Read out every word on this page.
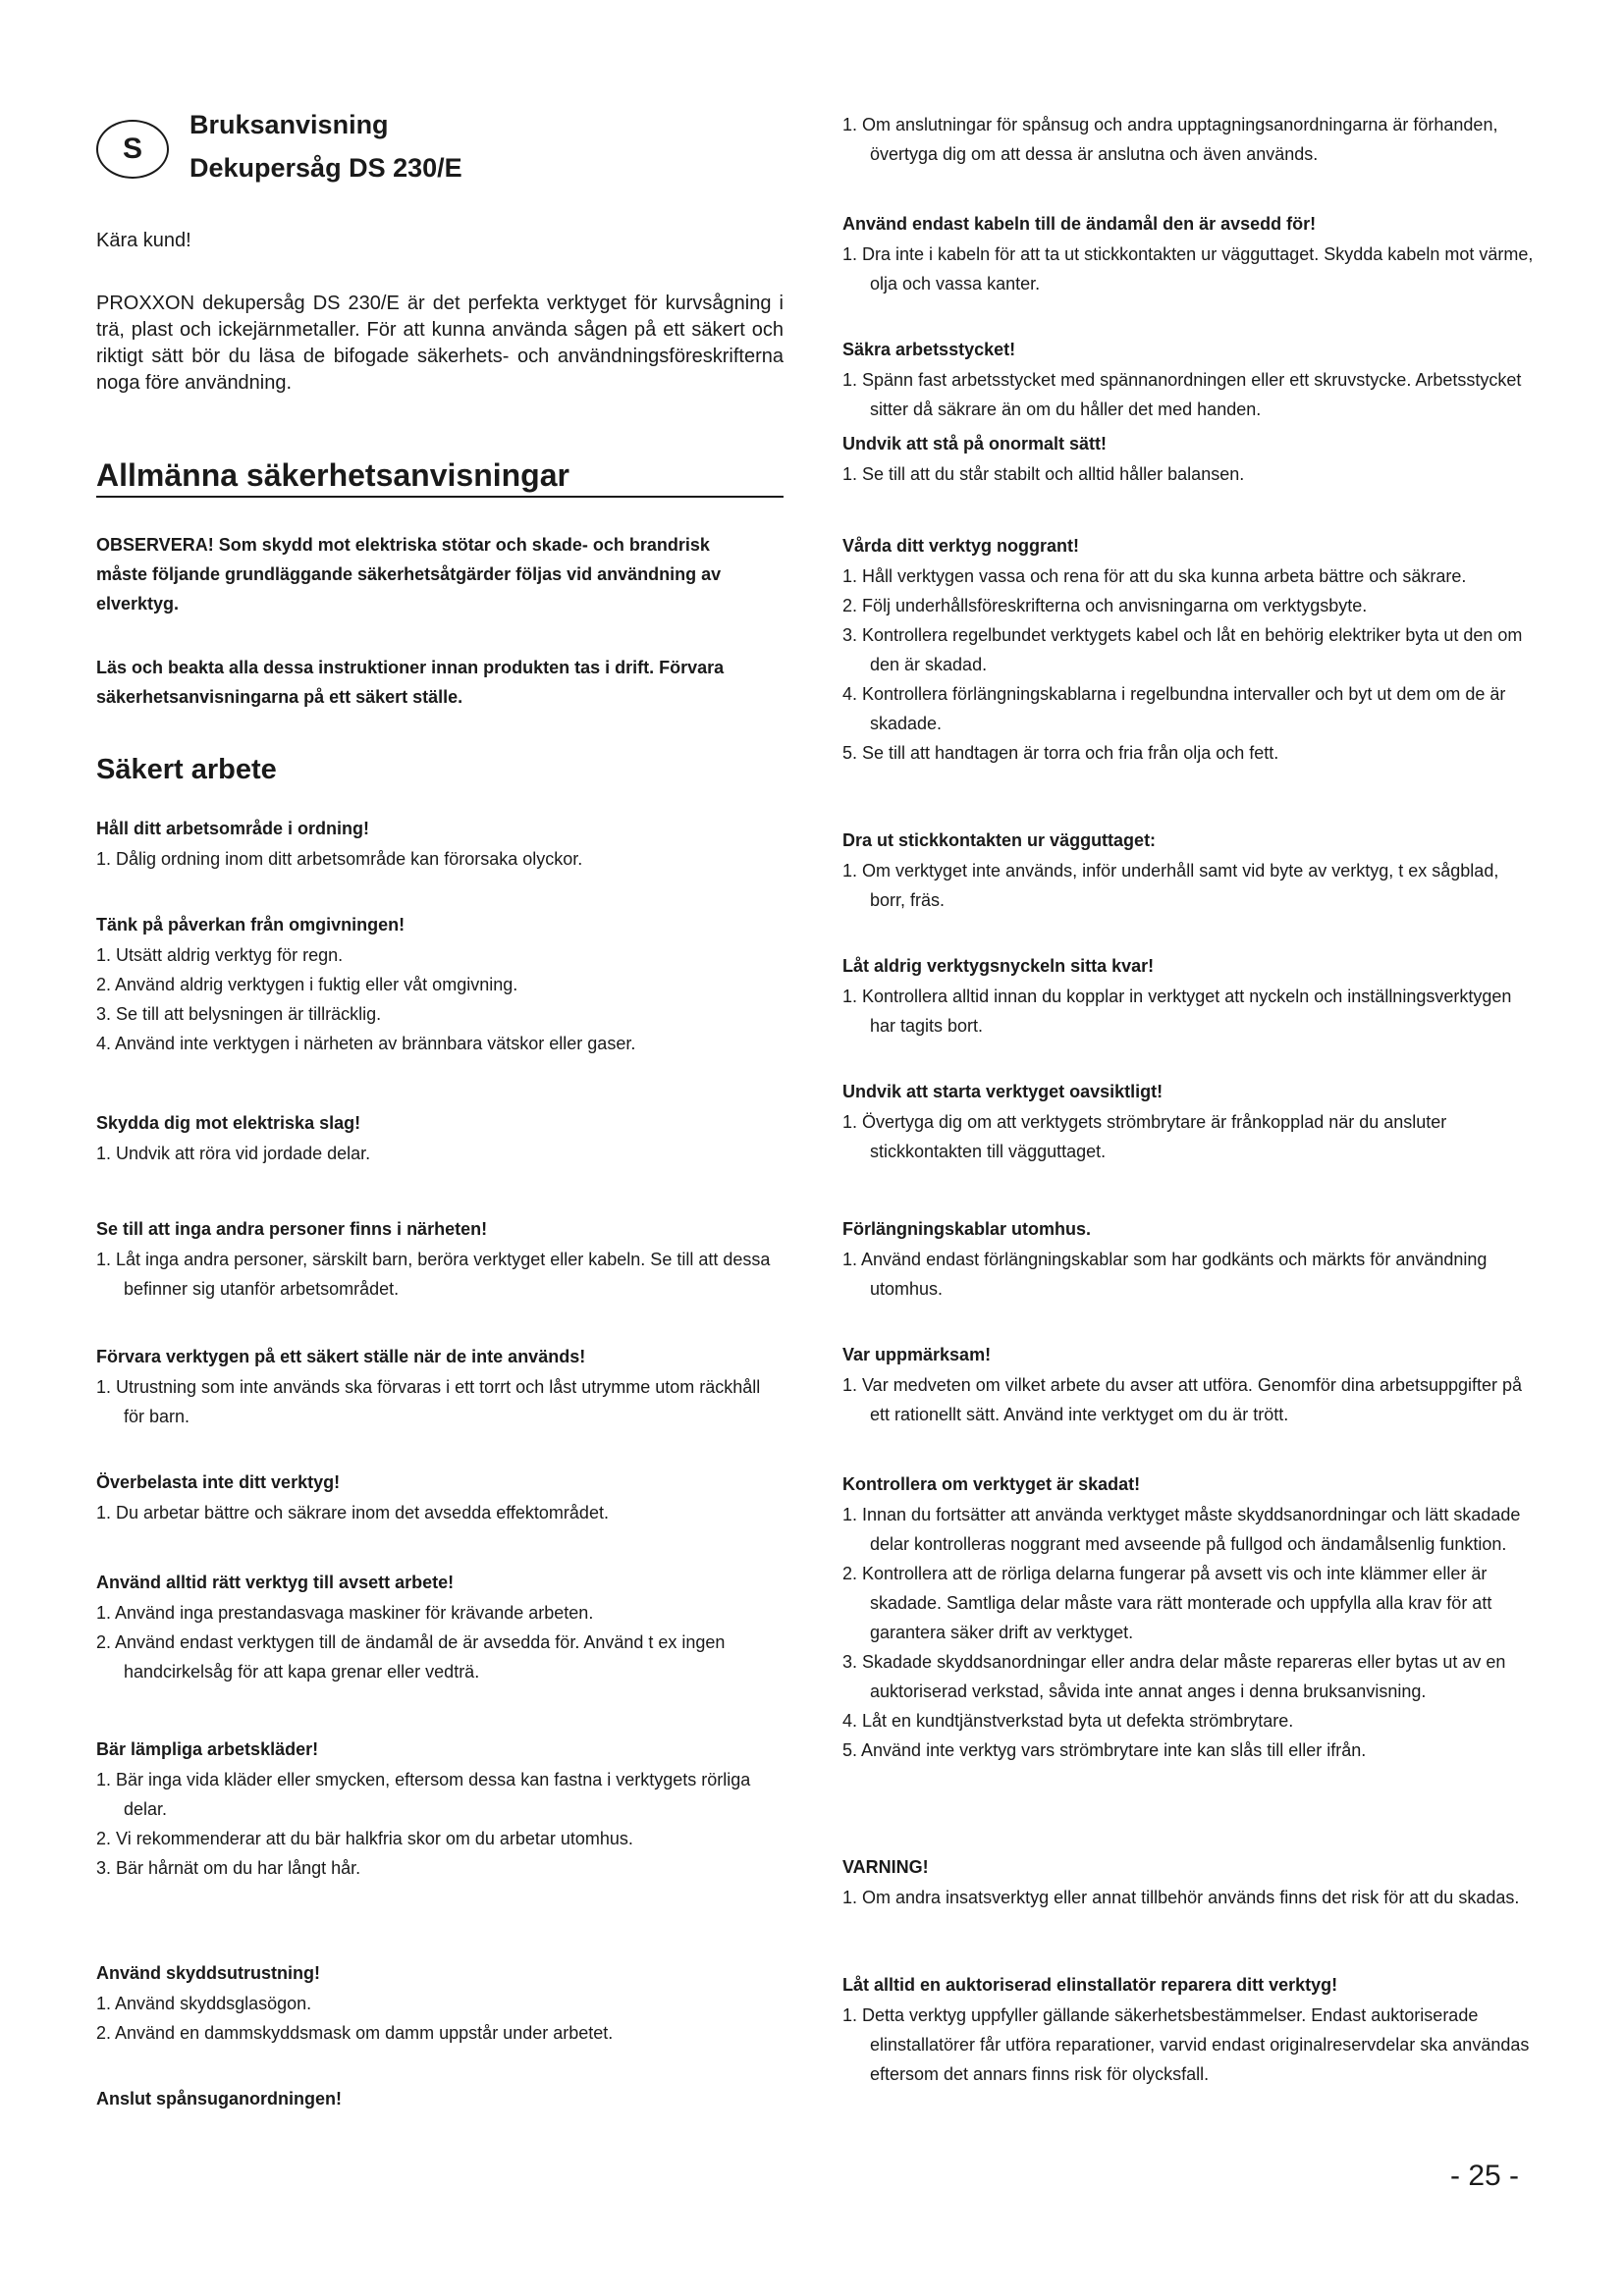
S
Bruksanvisning
Dekupersåg DS 230/E
Kära kund!
PROXXON dekupersåg DS 230/E är det perfekta verktyget för kurvsågning i trä, plast och ickejärnmetaller. För att kunna använda sågen på ett säkert och riktigt sätt bör du läsa de bifogade säkerhets- och användningsföreskrifterna noga före användning.
Allmänna säkerhetsanvisningar
OBSERVERA! Som skydd mot elektriska stötar och skade- och brandrisk måste följande grundläggande säkerhetsåtgärder följas vid användning av elverktyg.
Läs och beakta alla dessa instruktioner innan produkten tas i drift. Förvara säkerhetsanvisningarna på ett säkert ställe.
Säkert arbete
Håll ditt arbetsområde i ordning!
1. Dålig ordning inom ditt arbetsområde kan förorsaka olyckor.
Tänk på påverkan från omgivningen!
1. Utsätt aldrig verktyg för regn.
2. Använd aldrig verktygen i fuktig eller våt omgivning.
3. Se till att belysningen är tillräcklig.
4. Använd inte verktygen i närheten av brännbara vätskor eller gaser.
Skydda dig mot elektriska slag!
1. Undvik att röra vid jordade delar.
Se till att inga andra personer finns i närheten!
1. Låt inga andra personer, särskilt barn, beröra verktyget eller kabeln. Se till att dessa befinner sig utanför arbetsområdet.
Förvara verktygen på ett säkert ställe när de inte används!
1. Utrustning som inte används ska förvaras i ett torrt och låst utrymme utom räckhåll för barn.
Överbelasta inte ditt verktyg!
1. Du arbetar bättre och säkrare inom det avsedda effektområdet.
Använd alltid rätt verktyg till avsett arbete!
1. Använd inga prestandasvaga maskiner för krävande arbeten.
2. Använd endast verktygen till de ändamål de är avsedda för. Använd t ex ingen handcirkelsåg för att kapa grenar eller vedträ.
Bär lämpliga arbetskläder!
1. Bär inga vida kläder eller smycken, eftersom dessa kan fastna i verktygets rörliga delar.
2. Vi rekommenderar att du bär halkfria skor om du arbetar utomhus.
3. Bär hårnät om du har långt hår.
Använd skyddsutrustning!
1. Använd skyddsglasögon.
2. Använd en dammskyddsmask om damm uppstår under arbetet.
Anslut spånsuganordningen!
1. Om anslutningar för spånsug och andra upptagningsanordningarna är förhanden, övertyga dig om att dessa är anslutna och även används.
Använd endast kabeln till de ändamål den är avsedd för!
1. Dra inte i kabeln för att ta ut stickkontakten ur vägguttaget. Skydda kabeln mot värme, olja och vassa kanter.
Säkra arbetsstycket!
1. Spänn fast arbetsstycket med spännanordningen eller ett skruvstycke. Arbetsstycket sitter då säkrare än om du håller det med handen.
Undvik att stå på onormalt sätt!
1. Se till att du står stabilt och alltid håller balansen.
Vårda ditt verktyg noggrant!
1. Håll verktygen vassa och rena för att du ska kunna arbeta bättre och säkrare.
2. Följ underhållsföreskrifterna och anvisningarna om verktygsbyte.
3. Kontrollera regelbundet verktygets kabel och låt en behörig elektriker byta ut den om den är skadad.
4. Kontrollera förlängningskablarna i regelbundna intervaller och byt ut dem om de är skadade.
5. Se till att handtagen är torra och fria från olja och fett.
Dra ut stickkontakten ur vägguttaget:
1. Om verktyget inte används, inför underhåll samt vid byte av verktyg, t ex sågblad, borr, fräs.
Låt aldrig verktygsnyckeln sitta kvar!
1. Kontrollera alltid innan du kopplar in verktyget att nyckeln och inställningsverktygen har tagits bort.
Undvik att starta verktyget oavsiktligt!
1. Övertyga dig om att verktygets strömbrytare är frånkopplad när du ansluter stickkontakten till vägguttaget.
Förlängningskablar utomhus.
1. Använd endast förlängningskablar som har godkänts och märkts för användning utomhus.
Var uppmärksam!
1. Var medveten om vilket arbete du avser att utföra. Genomför dina arbetsuppgifter på ett rationellt sätt. Använd inte verktyget om du är trött.
Kontrollera om verktyget är skadat!
1. Innan du fortsätter att använda verktyget måste skyddsanordningar och lätt skadade delar kontrolleras noggrant med avseende på fullgod och ändamålsenlig funktion.
2. Kontrollera att de rörliga delarna fungerar på avsett vis och inte klämmer eller är skadade. Samtliga delar måste vara rätt monterade och uppfylla alla krav för att garantera säker drift av verktyget.
3. Skadade skyddsanordningar eller andra delar måste repareras eller bytas ut av en auktoriserad verkstad, såvida inte annat anges i denna bruksanvisning.
4. Låt en kundtjänstverkstad byta ut defekta strömbrytare.
5. Använd inte verktyg vars strömbrytare inte kan slås till eller ifrån.
VARNING!
1. Om andra insatsverktyg eller annat tillbehör används finns det risk för att du skadas.
Låt alltid en auktoriserad elinstallatör reparera ditt verktyg!
1. Detta verktyg uppfyller gällande säkerhetsbestämmelser. Endast auktoriserade elinstallatörer får utföra reparationer, varvid endast originalreservdelar ska användas eftersom det annars finns risk för olycksfall.
- 25 -
